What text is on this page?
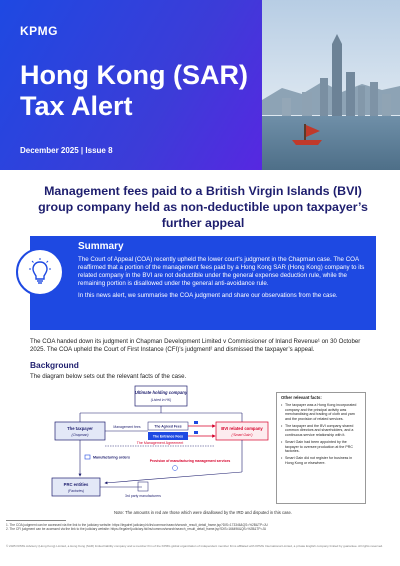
KPMG
Hong Kong (SAR) Tax Alert
December 2025 | Issue 8
Management fees paid to a British Virgin Islands (BVI) group company held as non-deductible upon taxpayer’s further appeal
Summary

The Court of Appeal (COA) recently upheld the lower court’s judgment in the Chapman case. The COA reaffirmed that a portion of the management fees paid by a Hong Kong SAR (Hong Kong) company to its related company in the BVI are not deductible under the general expense deduction rule, while the remaining portion is disallowed under the general anti-avoidance rule.

In this news alert, we summarise the COA judgment and share our observations from the case.

The COA handed down its judgment in Chapman Development Limited v Commissioner of Inland Revenue¹ on 30 October 2025. The COA upheld the Court of First Instance (CFI)’s judgment² and dismissed the taxpayer’s appeal.
Background
The diagram below sets out the relevant facts of the case.
Ultimate holding company
(Listed in HK)
The taxpayer
(Chapman)
BVI related company
(‘Smart Gain’)
Management fees	The Agreed Fees
The Entrance Fees
The Management Agreement
Manufacturing orders
Provision of manufacturing management services
PRC entities
(Factories)
3rd party manufacturers
Other relevant facts:
• The taxpayer was a Hong Kong incorporated company and the principal activity was merchandising and trading of cloth and yarn and the provision of related services.
• The taxpayer and the BVI company shared common directors and shareholders, and a continuous service relationship with it.
• Smart Gain had been appointed by the taxpayer to oversee production at the PRC factories.
• Smart Gain did not register for business in Hong Kong or elsewhere.
Note: The amounts in red are those which were disallowed by the IRD and disputed in this case.
1. The COA judgment can be accessed via the link to the judiciary website: https://legalref.judiciary.hk/lrs/common/search/search_result_detail_frame.jsp?DIS=173346&QS=%2B&TP=JU
2. The CFI judgment can be accessed via the link to the judiciary website: https://legalref.judiciary.hk/lrs/common/search/search_result_detail_frame.jsp?DIS=166496&QS=%2B&TP=JU
© 2025 KPMG Advisory (Hong Kong) Limited, a Hong Kong (SAR) limited liability company and a member firm of the KPMG global organization of independent member firms affiliated with KPMG International Limited, a private English company limited by guarantee. All rights reserved.
